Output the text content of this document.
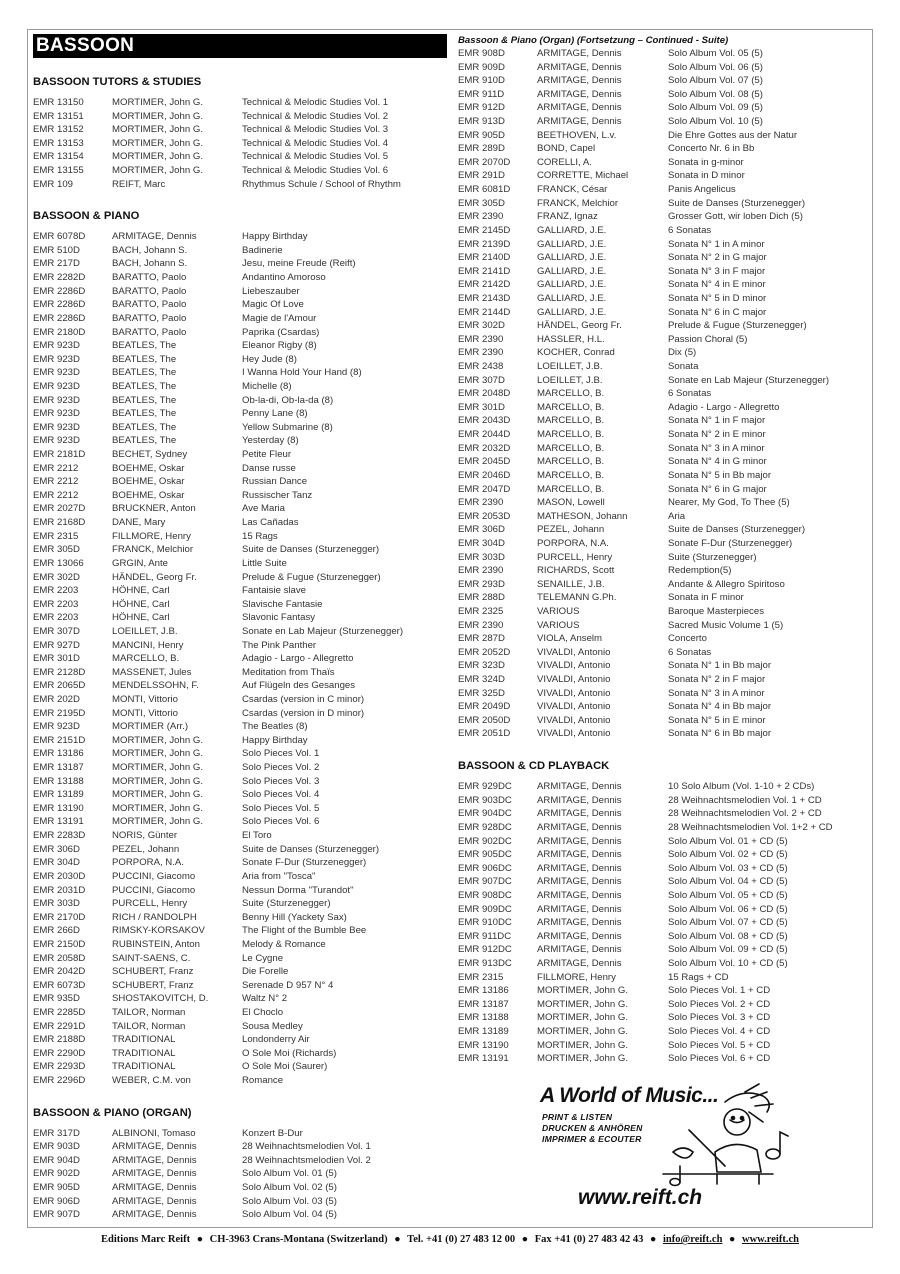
BASSOON
BASSOON TUTORS & STUDIES
EMR 13150	MORTIMER, John G.	Technical & Melodic Studies Vol. 1
EMR 13151	MORTIMER, John G.	Technical & Melodic Studies Vol. 2
EMR 13152	MORTIMER, John G.	Technical & Melodic Studies Vol. 3
EMR 13153	MORTIMER, John G.	Technical & Melodic Studies Vol. 4
EMR 13154	MORTIMER, John G.	Technical & Melodic Studies Vol. 5
EMR 13155	MORTIMER, John G.	Technical & Melodic Studies Vol. 6
EMR 109	REIFT, Marc	Rhythmus Schule / School of Rhythm
BASSOON & PIANO
EMR 6078D	ARMITAGE, Dennis	Happy Birthday
EMR 510D	BACH, Johann S.	Badinerie
EMR 217D	BACH, Johann S.	Jesu, meine Freude (Reift)
EMR 2282D	BARATTO, Paolo	Andantino Amoroso
EMR 2286D	BARATTO, Paolo	Liebeszauber
EMR 2286D	BARATTO, Paolo	Magic Of Love
EMR 2286D	BARATTO, Paolo	Magie de l'Amour
EMR 2180D	BARATTO, Paolo	Paprika (Csardas)
EMR 923D	BEATLES, The	Eleanor Rigby (8)
EMR 923D	BEATLES, The	Hey Jude (8)
EMR 923D	BEATLES, The	I Wanna Hold Your Hand (8)
EMR 923D	BEATLES, The	Michelle (8)
EMR 923D	BEATLES, The	Ob-la-di, Ob-la-da (8)
EMR 923D	BEATLES, The	Penny Lane (8)
EMR 923D	BEATLES, The	Yellow Submarine (8)
EMR 923D	BEATLES, The	Yesterday (8)
EMR 2181D	BECHET, Sydney	Petite Fleur
EMR 2212	BOEHME, Oskar	Danse russe
EMR 2212	BOEHME, Oskar	Russian Dance
EMR 2212	BOEHME, Oskar	Russischer Tanz
EMR 2027D	BRUCKNER, Anton	Ave Maria
EMR 2168D	DANE, Mary	Las Cañadas
EMR 2315	FILLMORE, Henry	15 Rags
EMR 305D	FRANCK, Melchior	Suite de Danses (Sturzenegger)
EMR 13066	GRGIN, Ante	Little Suite
EMR 302D	HÄNDEL, Georg Fr.	Prelude & Fugue (Sturzenegger)
EMR 2203	HÖHNE, Carl	Fantaisie slave
EMR 2203	HÖHNE, Carl	Slavische Fantasie
EMR 2203	HÖHNE, Carl	Slavonic Fantasy
EMR 307D	LOEILLET, J.B.	Sonate en Lab Majeur (Sturzenegger)
EMR 927D	MANCINI, Henry	The Pink Panther
EMR 301D	MARCELLO, B.	Adagio - Largo - Allegretto
EMR 2128D	MASSENET, Jules	Meditation from Thaïs
EMR 2065D	MENDELSSOHN, F.	Auf Flügeln des Gesanges
EMR 202D	MONTI, Vittorio	Csardas (version in C minor)
EMR 2195D	MONTI, Vittorio	Csardas (version in D minor)
EMR 923D	MORTIMER (Arr.)	The Beatles (8)
EMR 2151D	MORTIMER, John G.	Happy Birthday
EMR 13186	MORTIMER, John G.	Solo Pieces Vol. 1
EMR 13187	MORTIMER, John G.	Solo Pieces Vol. 2
EMR 13188	MORTIMER, John G.	Solo Pieces Vol. 3
EMR 13189	MORTIMER, John G.	Solo Pieces Vol. 4
EMR 13190	MORTIMER, John G.	Solo Pieces Vol. 5
EMR 13191	MORTIMER, John G.	Solo Pieces Vol. 6
EMR 2283D	NORIS, Günter	El Toro
EMR 306D	PEZEL, Johann	Suite de Danses (Sturzenegger)
EMR 304D	PORPORA, N.A.	Sonate F-Dur (Sturzenegger)
EMR 2030D	PUCCINI, Giacomo	Aria from "Tosca"
EMR 2031D	PUCCINI, Giacomo	Nessun Dorma "Turandot"
EMR 303D	PURCELL, Henry	Suite (Sturzenegger)
EMR 2170D	RICH / RANDOLPH	Benny Hill (Yackety Sax)
EMR 266D	RIMSKY-KORSAKOV	The Flight of the Bumble Bee
EMR 2150D	RUBINSTEIN, Anton	Melody & Romance
EMR 2058D	SAINT-SAENS, C.	Le Cygne
EMR 2042D	SCHUBERT, Franz	Die Forelle
EMR 6073D	SCHUBERT, Franz	Serenade D 957 N° 4
EMR 935D	SHOSTAKOVITCH, D.	Waltz N° 2
EMR 2285D	TAILOR, Norman	El Choclo
EMR 2291D	TAILOR, Norman	Sousa Medley
EMR 2188D	TRADITIONAL	Londonderry Air
EMR 2290D	TRADITIONAL	O Sole Moi (Richards)
EMR 2293D	TRADITIONAL	O Sole Moi (Saurer)
EMR 2296D	WEBER, C.M. von	Romance
BASSOON & PIANO (ORGAN)
EMR 317D	ALBINONI, Tomaso	Konzert B-Dur
EMR 903D	ARMITAGE, Dennis	28 Weihnachtsmelodien Vol. 1
EMR 904D	ARMITAGE, Dennis	28 Weihnachtsmelodien Vol. 2
EMR 902D	ARMITAGE, Dennis	Solo Album Vol. 01 (5)
EMR 905D	ARMITAGE, Dennis	Solo Album Vol. 02 (5)
EMR 906D	ARMITAGE, Dennis	Solo Album Vol. 03 (5)
EMR 907D	ARMITAGE, Dennis	Solo Album Vol. 04 (5)
Bassoon & Piano (Organ) (Fortsetzung – Continued - Suite)
EMR 908D	ARMITAGE, Dennis	Solo Album Vol. 05 (5)
EMR 909D	ARMITAGE, Dennis	Solo Album Vol. 06 (5)
EMR 910D	ARMITAGE, Dennis	Solo Album Vol. 07 (5)
EMR 911D	ARMITAGE, Dennis	Solo Album Vol. 08 (5)
EMR 912D	ARMITAGE, Dennis	Solo Album Vol. 09 (5)
EMR 913D	ARMITAGE, Dennis	Solo Album Vol. 10 (5)
EMR 905D	BEETHOVEN, L.v.	Die Ehre Gottes aus der Natur
EMR 289D	BOND, Capel	Concerto Nr. 6 in Bb
EMR 2070D	CORELLI, A.	Sonata in g-minor
EMR 291D	CORRETTE, Michael	Sonata in D minor
EMR 6081D	FRANCK, César	Panis Angelicus
EMR 305D	FRANCK, Melchior	Suite de Danses (Sturzenegger)
EMR 2390	FRANZ, Ignaz	Grosser Gott, wir loben Dich (5)
EMR 2145D	GALLIARD, J.E.	6 Sonatas
EMR 2139D	GALLIARD, J.E.	Sonata N° 1 in A minor
EMR 2140D	GALLIARD, J.E.	Sonata N° 2 in G major
EMR 2141D	GALLIARD, J.E.	Sonata N° 3 in F major
EMR 2142D	GALLIARD, J.E.	Sonata N° 4 in E minor
EMR 2143D	GALLIARD, J.E.	Sonata N° 5 in D minor
EMR 2144D	GALLIARD, J.E.	Sonata N° 6 in C major
EMR 302D	HÄNDEL, Georg Fr.	Prelude & Fugue (Sturzenegger)
EMR 2390	HASSLER, H.L.	Passion Choral (5)
EMR 2390	KOCHER, Conrad	Dix (5)
EMR 2438	LOEILLET, J.B.	Sonata
EMR 307D	LOEILLET, J.B.	Sonate en Lab Majeur (Sturzenegger)
EMR 2048D	MARCELLO, B.	6 Sonatas
EMR 301D	MARCELLO, B.	Adagio - Largo - Allegretto
EMR 2043D	MARCELLO, B.	Sonata N° 1 in F major
EMR 2044D	MARCELLO, B.	Sonata N° 2 in E minor
EMR 2032D	MARCELLO, B.	Sonata N° 3 in A minor
EMR 2045D	MARCELLO, B.	Sonata N° 4 in G minor
EMR 2046D	MARCELLO, B.	Sonata N° 5 in Bb major
EMR 2047D	MARCELLO, B.	Sonata N° 6 in G major
EMR 2390	MASON, Lowell	Nearer, My God, To Thee (5)
EMR 2053D	MATHESON, Johann	Aria
EMR 306D	PEZEL, Johann	Suite de Danses (Sturzenegger)
EMR 304D	PORPORA, N.A.	Sonate F-Dur (Sturzenegger)
EMR 303D	PURCELL, Henry	Suite (Sturzenegger)
EMR 2390	RICHARDS, Scott	Redemption(5)
EMR 293D	SENAILLE, J.B.	Andante & Allegro Spiritoso
EMR 288D	TELEMANN G.Ph.	Sonata in F minor
EMR 2325	VARIOUS	Baroque Masterpieces
EMR 2390	VARIOUS	Sacred Music Volume 1 (5)
EMR 287D	VIOLA, Anselm	Concerto
EMR 2052D	VIVALDI, Antonio	6 Sonatas
EMR 323D	VIVALDI, Antonio	Sonata N° 1 in Bb major
EMR 324D	VIVALDI, Antonio	Sonata N° 2 in F major
EMR 325D	VIVALDI, Antonio	Sonata N° 3 in A minor
EMR 2049D	VIVALDI, Antonio	Sonata N° 4 in Bb major
EMR 2050D	VIVALDI, Antonio	Sonata N° 5 in E minor
EMR 2051D	VIVALDI, Antonio	Sonata N° 6 in Bb major
BASSOON & CD PLAYBACK
EMR 929DC	ARMITAGE, Dennis	10 Solo Album (Vol. 1-10 + 2 CDs)
EMR 903DC	ARMITAGE, Dennis	28 Weihnachtsmelodien Vol. 1 + CD
EMR 904DC	ARMITAGE, Dennis	28 Weihnachtsmelodien Vol. 2 + CD
EMR 928DC	ARMITAGE, Dennis	28 Weihnachtsmelodien Vol. 1+2 + CD
EMR 902DC	ARMITAGE, Dennis	Solo Album Vol. 01 + CD (5)
EMR 905DC	ARMITAGE, Dennis	Solo Album Vol. 02 + CD (5)
EMR 906DC	ARMITAGE, Dennis	Solo Album Vol. 03 + CD (5)
EMR 907DC	ARMITAGE, Dennis	Solo Album Vol. 04 + CD (5)
EMR 908DC	ARMITAGE, Dennis	Solo Album Vol. 05 + CD (5)
EMR 909DC	ARMITAGE, Dennis	Solo Album Vol. 06 + CD (5)
EMR 910DC	ARMITAGE, Dennis	Solo Album Vol. 07 + CD (5)
EMR 911DC	ARMITAGE, Dennis	Solo Album Vol. 08 + CD (5)
EMR 912DC	ARMITAGE, Dennis	Solo Album Vol. 09 + CD (5)
EMR 913DC	ARMITAGE, Dennis	Solo Album Vol. 10 + CD (5)
EMR 2315	FILLMORE, Henry	15 Rags + CD
EMR 13186	MORTIMER, John G.	Solo Pieces Vol. 1 + CD
EMR 13187	MORTIMER, John G.	Solo Pieces Vol. 2 + CD
EMR 13188	MORTIMER, John G.	Solo Pieces Vol. 3 + CD
EMR 13189	MORTIMER, John G.	Solo Pieces Vol. 4 + CD
EMR 13190	MORTIMER, John G.	Solo Pieces Vol. 5 + CD
EMR 13191	MORTIMER, John G.	Solo Pieces Vol. 6 + CD
A World of Music...
PRINT & LISTEN
DRUCKEN & ANHÖREN
IMPRIMER & ECOUTER
www.reift.ch
Editions Marc Reift ● CH-3963 Crans-Montana (Switzerland) ● Tel. +41 (0) 27 483 12 00 ● Fax +41 (0) 27 483 42 43 ● info@reift.ch ● www.reift.ch
